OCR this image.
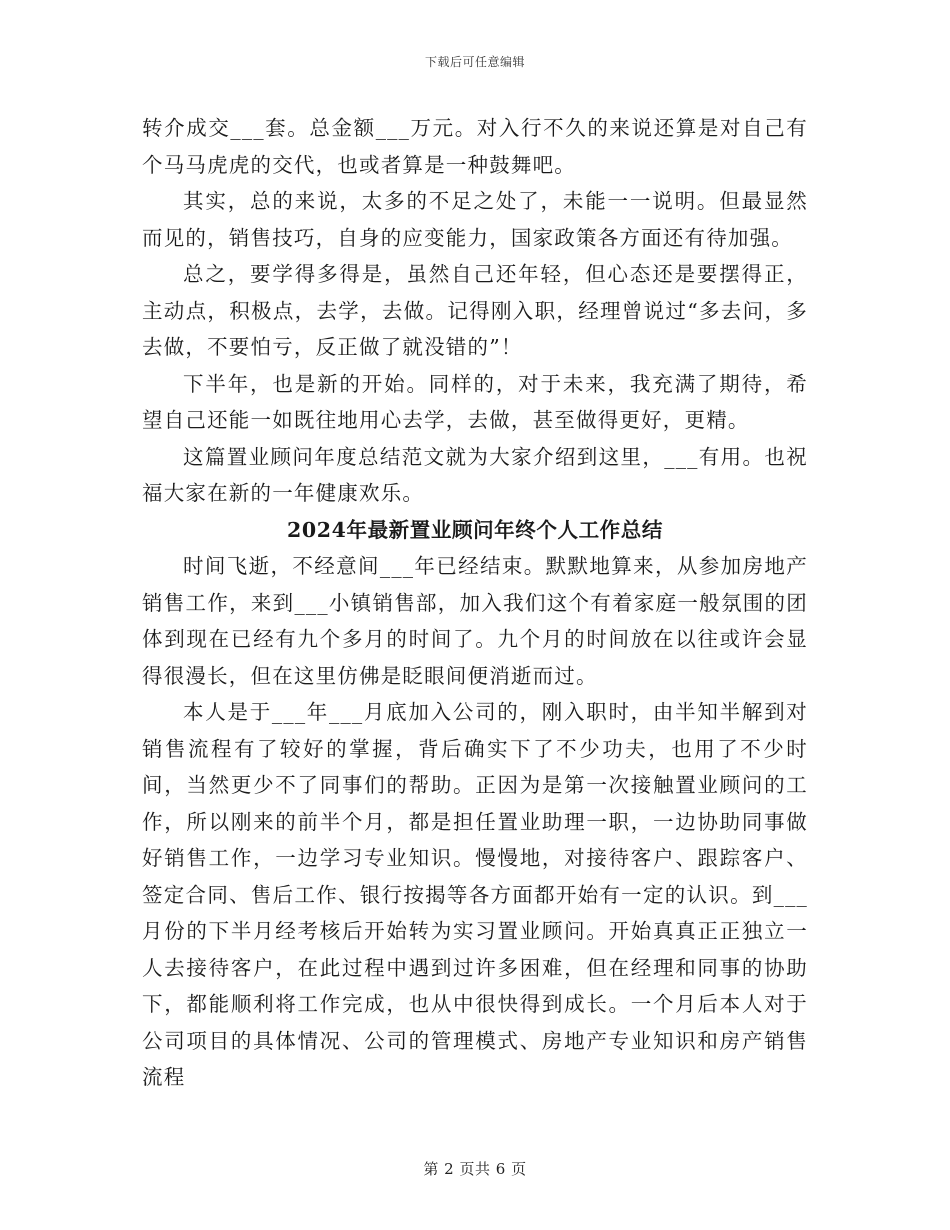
下载后可任意编辑

转介成交___套。总金额___万元。对入行不久的来说还算是对自己有个马马虎虎的交代，也或者算是一种鼓舞吧。

其实，总的来说，太多的不足之处了，未能一一说明。但最显然而见的，销售技巧，自身的应变能力，国家政策各方面还有待加强。

总之，要学得多得是，虽然自己还年轻，但心态还是要摆得正，主动点，积极点，去学，去做。记得刚入职，经理曾说过“多去问，多去做，不要怕亏，反正做了就没错的”！

下半年，也是新的开始。同样的，对于未来，我充满了期待，希望自己还能一如既往地用心去学，去做，甚至做得更好，更精。

这篇置业顾问年度总结范文就为大家介绍到这里，___有用。也祝福大家在新的一年健康欢乐。

2024年最新置业顾问年终个人工作总结

时间飞逝，不经意间___年已经结束。默默地算来，从参加房地产销售工作，来到___小镇销售部，加入我们这个有着家庭一般氛围的团体到现在已经有九个多月的时间了。九个月的时间放在以往或许会显得很漫长，但在这里仿佛是眨眼间便消逝而过。

本人是于___年___月底加入公司的，刚入职时，由半知半解到对销售流程有了较好的掌握，背后确实下了不少功夫，也用了不少时间，当然更少不了同事们的帮助。正因为是第一次接触置业顾问的工作，所以刚来的前半个月，都是担任置业助理一职，一边协助同事做好销售工作，一边学习专业知识。慢慢地，对接待客户、跟踪客户、签定合同、售后工作、银行按揭等各方面都开始有一定的认识。到___月份的下半月经考核后开始转为实习置业顾问。开始真真正正独立一人去接待客户，在此过程中遇到过许多困难，但在经理和同事的协助下，都能顺利将工作完成，也从中很快得到成长。一个月后本人对于公司项目的具体情况、公司的管理模式、房地产专业知识和房产销售流程

第 2 页共 6 页
